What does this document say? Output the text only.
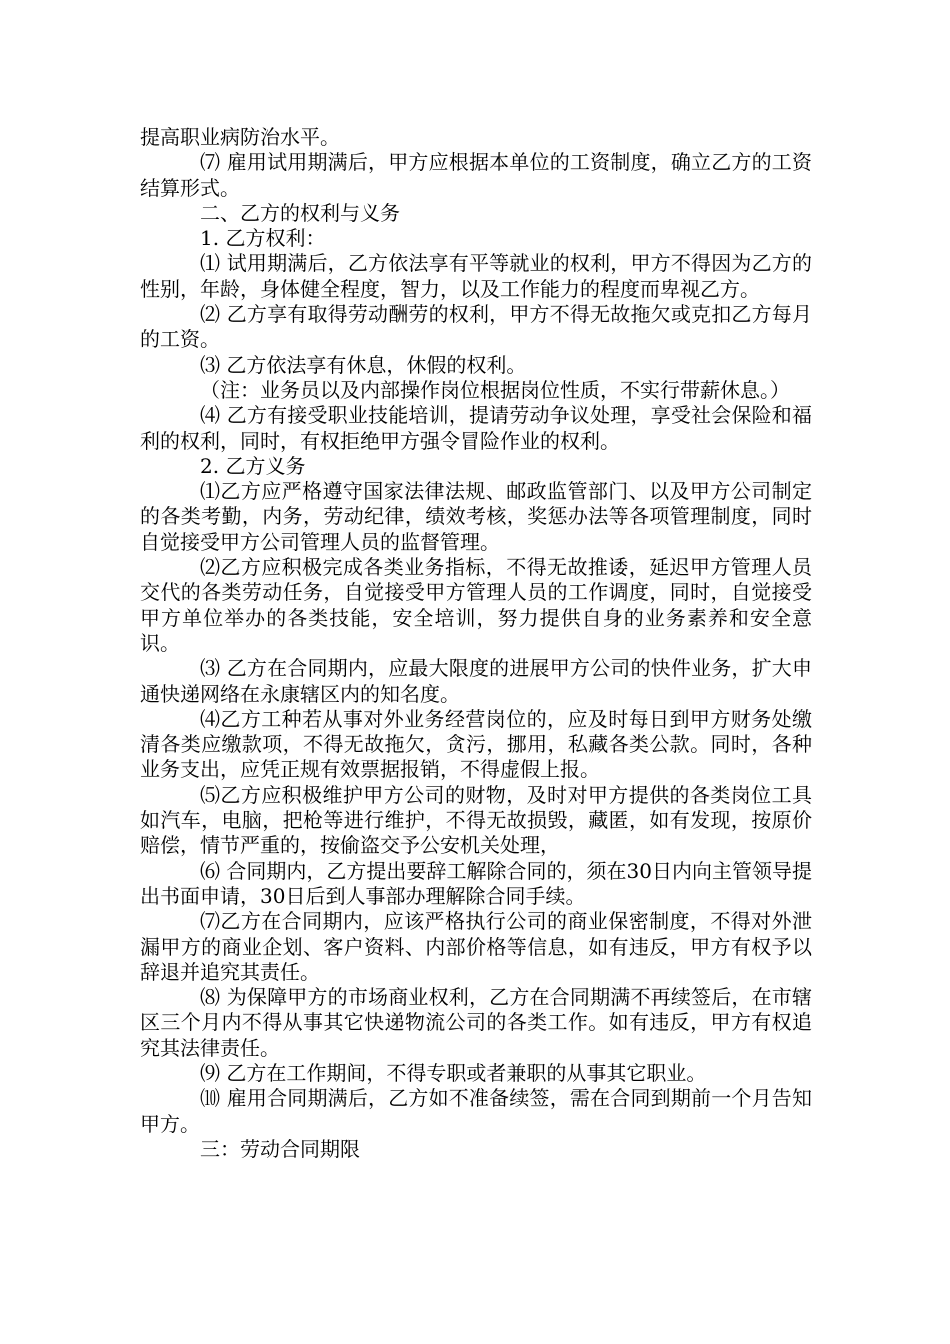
提高职业病防治水平。

⑺ 雇用试用期满后，甲方应根据本单位的工资制度，确立乙方的工资结算形式。

二、乙方的权利与义务

1. 乙方权利：

⑴ 试用期满后，乙方依法享有平等就业的权利，甲方不得因为乙方的性别，年龄，身体健全程度，智力，以及工作能力的程度而卑视乙方。

⑵ 乙方享有取得劳动酬劳的权利，甲方不得无故拖欠或克扣乙方每月的工资。

⑶ 乙方依法享有休息，休假的权利。

（注：业务员以及内部操作岗位根据岗位性质，不实行带薪休息。）

⑷ 乙方有接受职业技能培训，提请劳动争议处理，享受社会保险和福利的权利，同时，有权拒绝甲方强令冒险作业的权利。

2. 乙方义务

⑴乙方应严格遵守国家法律法规、邮政监管部门、以及甲方公司制定的各类考勤，内务，劳动纪律，绩效考核，奖惩办法等各项管理制度，同时自觉接受甲方公司管理人员的监督管理。

⑵乙方应积极完成各类业务指标，不得无故推诿，延迟甲方管理人员交代的各类劳动任务，自觉接受甲方管理人员的工作调度，同时，自觉接受甲方单位举办的各类技能，安全培训，努力提供自身的业务素养和安全意识。

⑶ 乙方在合同期内，应最大限度的进展甲方公司的快件业务，扩大申通快递网络在永康辖区内的知名度。

⑷乙方工种若从事对外业务经营岗位的，应及时每日到甲方财务处缴清各类应缴款项，不得无故拖欠，贪污，挪用，私藏各类公款。同时，各种业务支出，应凭正规有效票据报销，不得虚假上报。

⑸乙方应积极维护甲方公司的财物，及时对甲方提供的各类岗位工具如汽车，电脑，把枪等进行维护，不得无故损毁，藏匿，如有发现，按原价赔偿，情节严重的，按偷盗交予公安机关处理，

⑹ 合同期内，乙方提出要辞工解除合同的，须在30日内向主管领导提出书面申请，30日后到人事部办理解除合同手续。

⑺乙方在合同期内，应该严格执行公司的商业保密制度，不得对外泄漏甲方的商业企划、客户资料、内部价格等信息，如有违反，甲方有权予以辞退并追究其责任。

⑻ 为保障甲方的市场商业权利，乙方在合同期满不再续签后，在市辖区三个月内不得从事其它快递物流公司的各类工作。如有违反，甲方有权追究其法律责任。

⑼ 乙方在工作期间，不得专职或者兼职的从事其它职业。

⑽ 雇用合同期满后，乙方如不准备续签，需在合同到期前一个月告知甲方。

三：劳动合同期限
